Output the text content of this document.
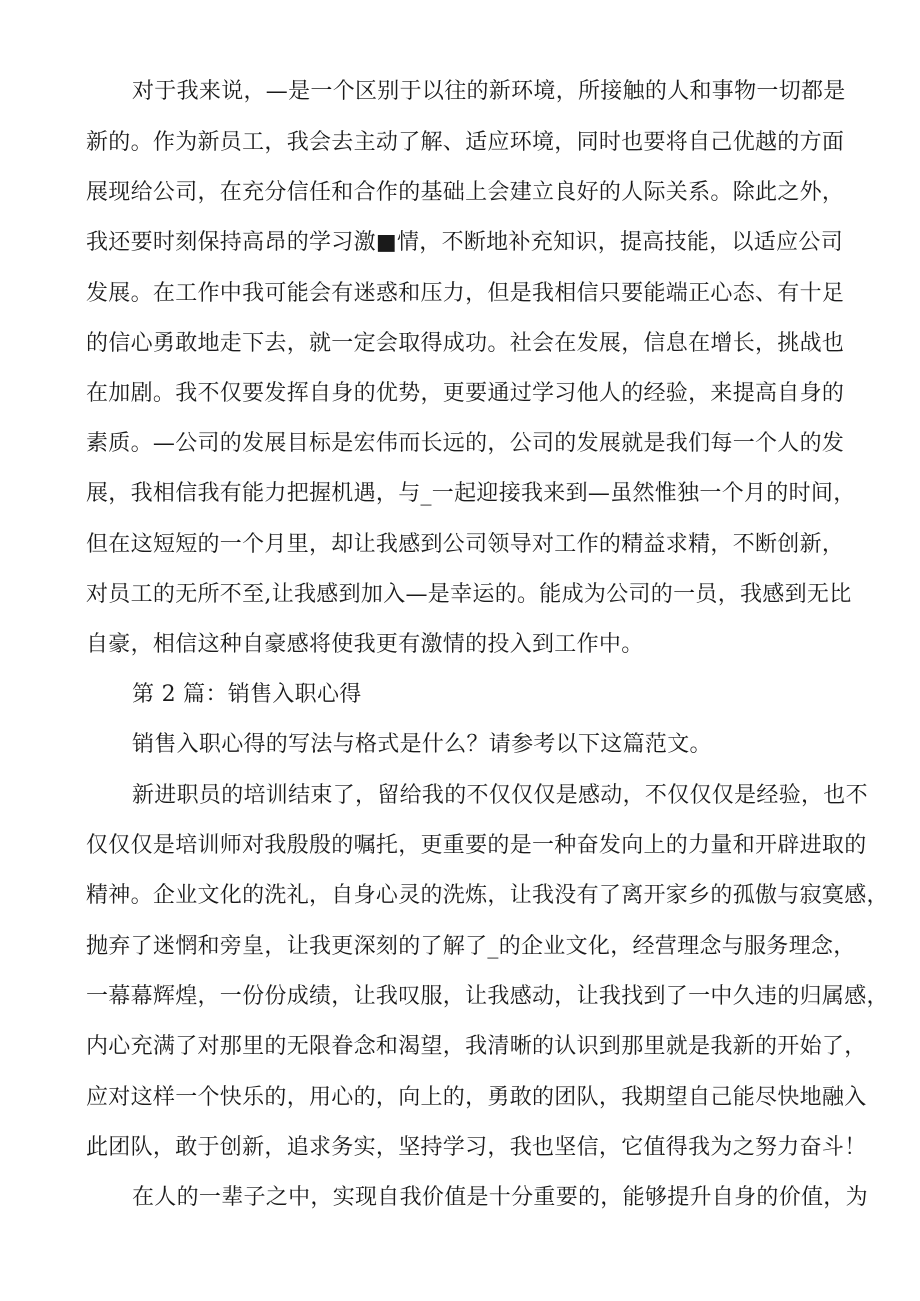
对于我来说，—是一个区别于以往的新环境，所接触的人和事物一切都是
新的。作为新员工，我会去主动了解、适应环境，同时也要将自己优越的方面
展现给公司，在充分信任和合作的基础上会建立良好的人际关系。除此之外，
我还要时刻保持高昂的学习激■情，不断地补充知识，提高技能，以适应公司
发展。在工作中我可能会有迷惑和压力，但是我相信只要能端正心态、有十足
的信心勇敢地走下去，就一定会取得成功。社会在发展，信息在增长，挑战也
在加剧。我不仅要发挥自身的优势，更要通过学习他人的经验，来提高自身的
素质。—公司的发展目标是宏伟而长远的，公司的发展就是我们每一个人的发
展，我相信我有能力把握机遇，与_一起迎接我来到—虽然惟独一个月的时间，
但在这短短的一个月里，却让我感到公司领导对工作的精益求精，不断创新，
对员工的无所不至,让我感到加入—是幸运的。能成为公司的一员，我感到无比
自豪，相信这种自豪感将使我更有激情的投入到工作中。
第 2 篇：销售入职心得
销售入职心得的写法与格式是什么？请参考以下这篇范文。
新进职员的培训结束了，留给我的不仅仅仅是感动，不仅仅仅是经验，也不
仅仅仅是培训师对我殷殷的嘱托，更重要的是一种奋发向上的力量和开辟进取的
精神。企业文化的洗礼，自身心灵的洗炼，让我没有了离开家乡的孤傲与寂寞感，
抛弃了迷惘和旁皇，让我更深刻的了解了_的企业文化，经营理念与服务理念，
一幕幕辉煌，一份份成绩，让我叹服，让我感动，让我找到了一中久违的归属感，
内心充满了对那里的无限眷念和渴望，我清晰的认识到那里就是我新的开始了，
应对这样一个快乐的，用心的，向上的，勇敢的团队，我期望自己能尽快地融入
此团队，敢于创新，追求务实，坚持学习，我也坚信，它值得我为之努力奋斗！
在人的一辈子之中，实现自我价值是十分重要的，能够提升自身的价值，为
